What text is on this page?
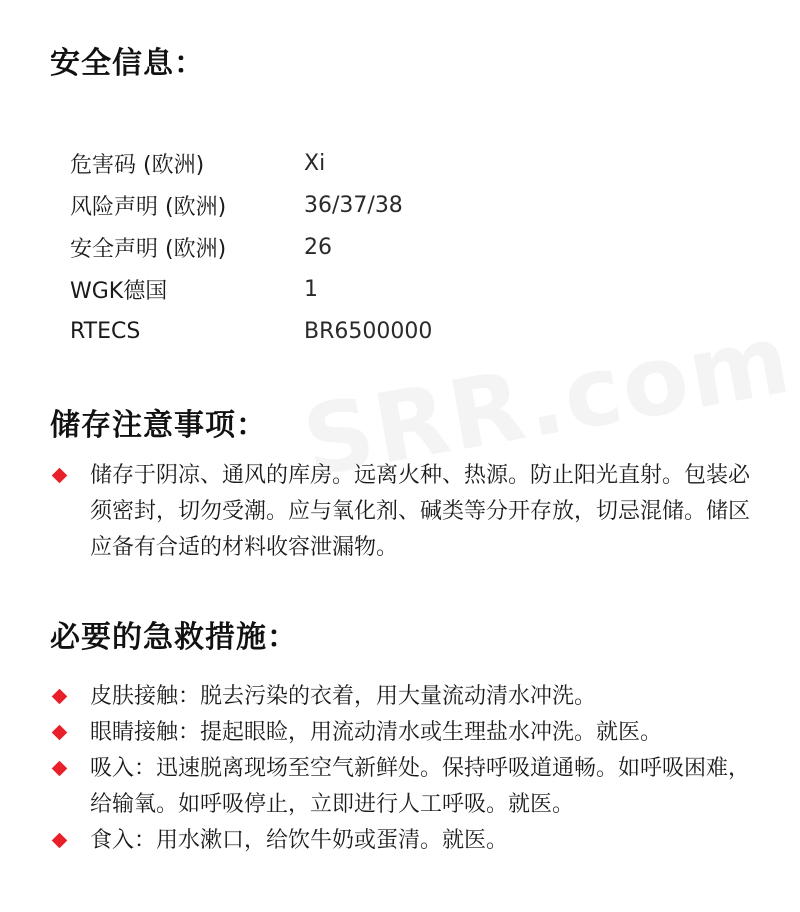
安全信息：
危害码 (欧洲)	Xi
风险声明 (欧洲)	36/37/38
安全声明 (欧洲)	26
WGK德国	1
RTECS	BR6500000
储存注意事项：
储存于阴凉、通风的库房。远离火种、热源。防止阳光直射。包装必须密封，切勿受潮。应与氧化剂、碱类等分开存放，切忌混储。储区应备有合适的材料收容泄漏物。
必要的急救措施：
皮肤接触：脱去污染的衣着，用大量流动清水冲洗。
眼睛接触：提起眼睑，用流动清水或生理盐水冲洗。就医。
吸入：迅速脱离现场至空气新鲜处。保持呼吸道通畅。如呼吸困难，给输氧。如呼吸停止，立即进行人工呼吸。就医。
食入：用水漱口，给饮牛奶或蛋清。就医。
